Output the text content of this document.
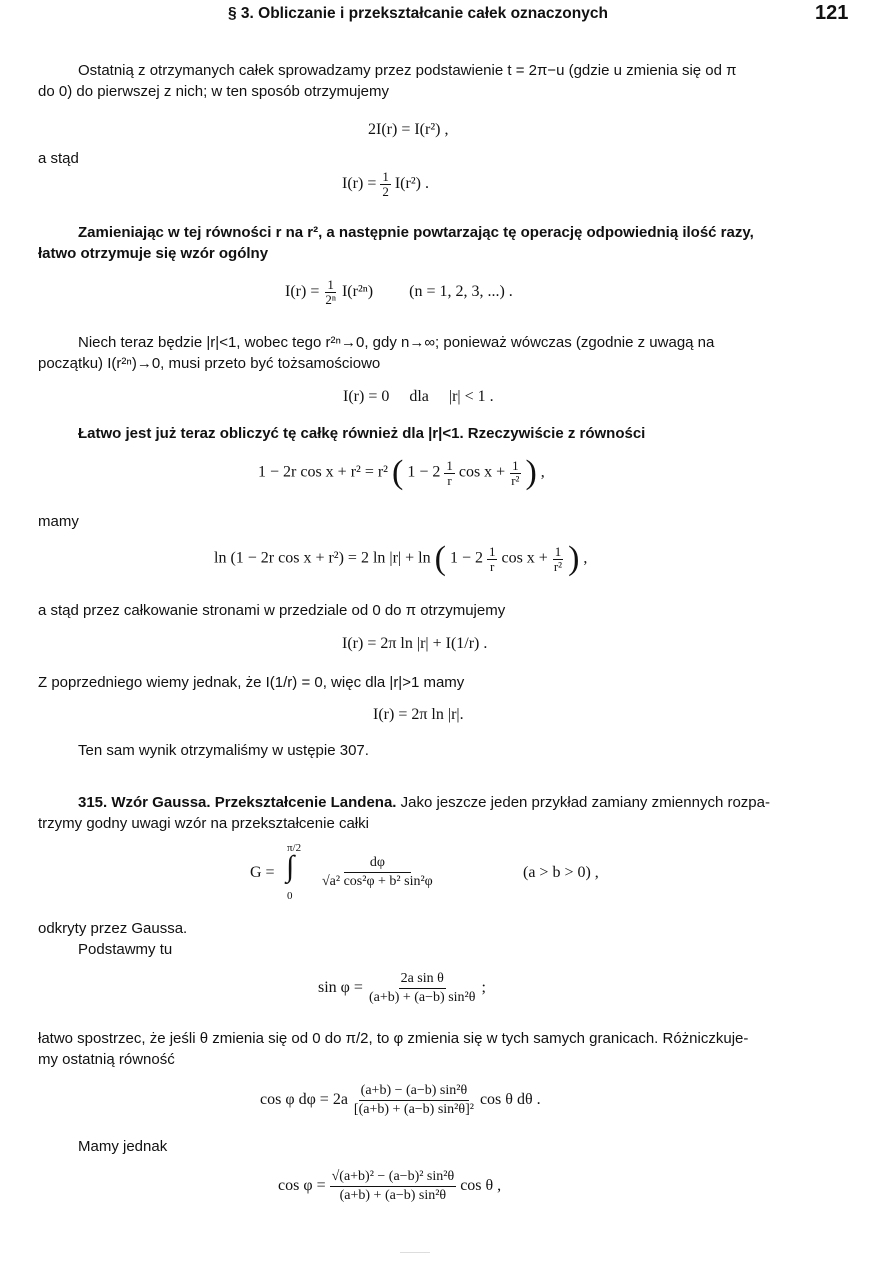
§ 3. Obliczanie i przekształcanie całek oznaczonych	121
Ostatnią z otrzymanych całek sprowadzamy przez podstawienie t = 2π−u (gdzie u zmienia się od π
do 0) do pierwszej z nich; w ten sposób otrzymujemy
2I(r) = I(r²) ,
a stąd
$I(r) = \frac{1}{2} I(r^2)$ .
Zamieniając w tej równości r na r², a następnie powtarzając tę operację odpowiednią ilość razy,
łatwo otrzymuje się wzór ogólny
$I(r) = \frac{1}{\text{2ⁿ}} I(r^{2n}) (n = 1$, 2, 3, ...) .
Niech teraz będzie |r|<1, wobec tego r²ⁿ→0, gdy n→∞; ponieważ wówczas (zgodnie z uwagą na
początku) I(r²ⁿ)→0, musi przeto być tożsamościowo
I(r) = 0     dla     |r| < 1 .
Łatwo jest już teraz obliczyć tę całkę również dla |r|<1. Rzeczywiście z równości
1 − 2r cos x + r² = r² ( $1 - 2 \frac{1}{r}$ $\cos x + \frac{1}{\text{r²}}$ ) ,
mamy
ln (1 − 2r cos x + r²) = 2 ln |r| + ln ( $1 - 2 \frac{1}{r}$ $\cos x + \frac{1}{\text{r²}}$ ) ,
a stąd przez całkowanie stronami w przedziale od 0 do π otrzymujemy
I(r) = 2π ln |r| + I(1/r) .
Z poprzedniego wiemy jednak, że I(1/r) = 0, więc dla |r|>1 mamy
I(r) = 2π ln |r|.
Ten sam wynik otrzymaliśmy w ustępie 307.
315. Wzór Gaussa. Przekształcenie Landena. Jako jeszcze jeden przykład zamiany zmiennych rozpa-
trzymy godny uwagi wzór na przekształcenie całki
G =
π/2
∫
0
$\frac{d\varphi}{\text{√a² cos²φ + b² sin²φ}}$	(a > b > 0) ,
odkryty przez Gaussa.
Podstawmy tu
$\sin \varphi = \frac{\text{2a sin θ}}{\text{(a+b) + (a−b) sin²θ}}$ ;
łatwo spostrzec, że jeśli θ zmienia się od 0 do π/2, to φ zmienia się w tych samych granicach. Różniczkuje-
my ostatnią równość
cos φ $d\varphi = 2a \frac{\text{(a+b) − (a−b) sin²θ}}{\text{[(a+b) + (a−b) sin²θ]²}}$ cos θ dθ .
Mamy jednak
$\cos \varphi = \frac{\text{√(a+b)² − (a−b)² sin²θ}}{\text{(a+b) + (a−b) sin²θ}}$ cos θ ,
